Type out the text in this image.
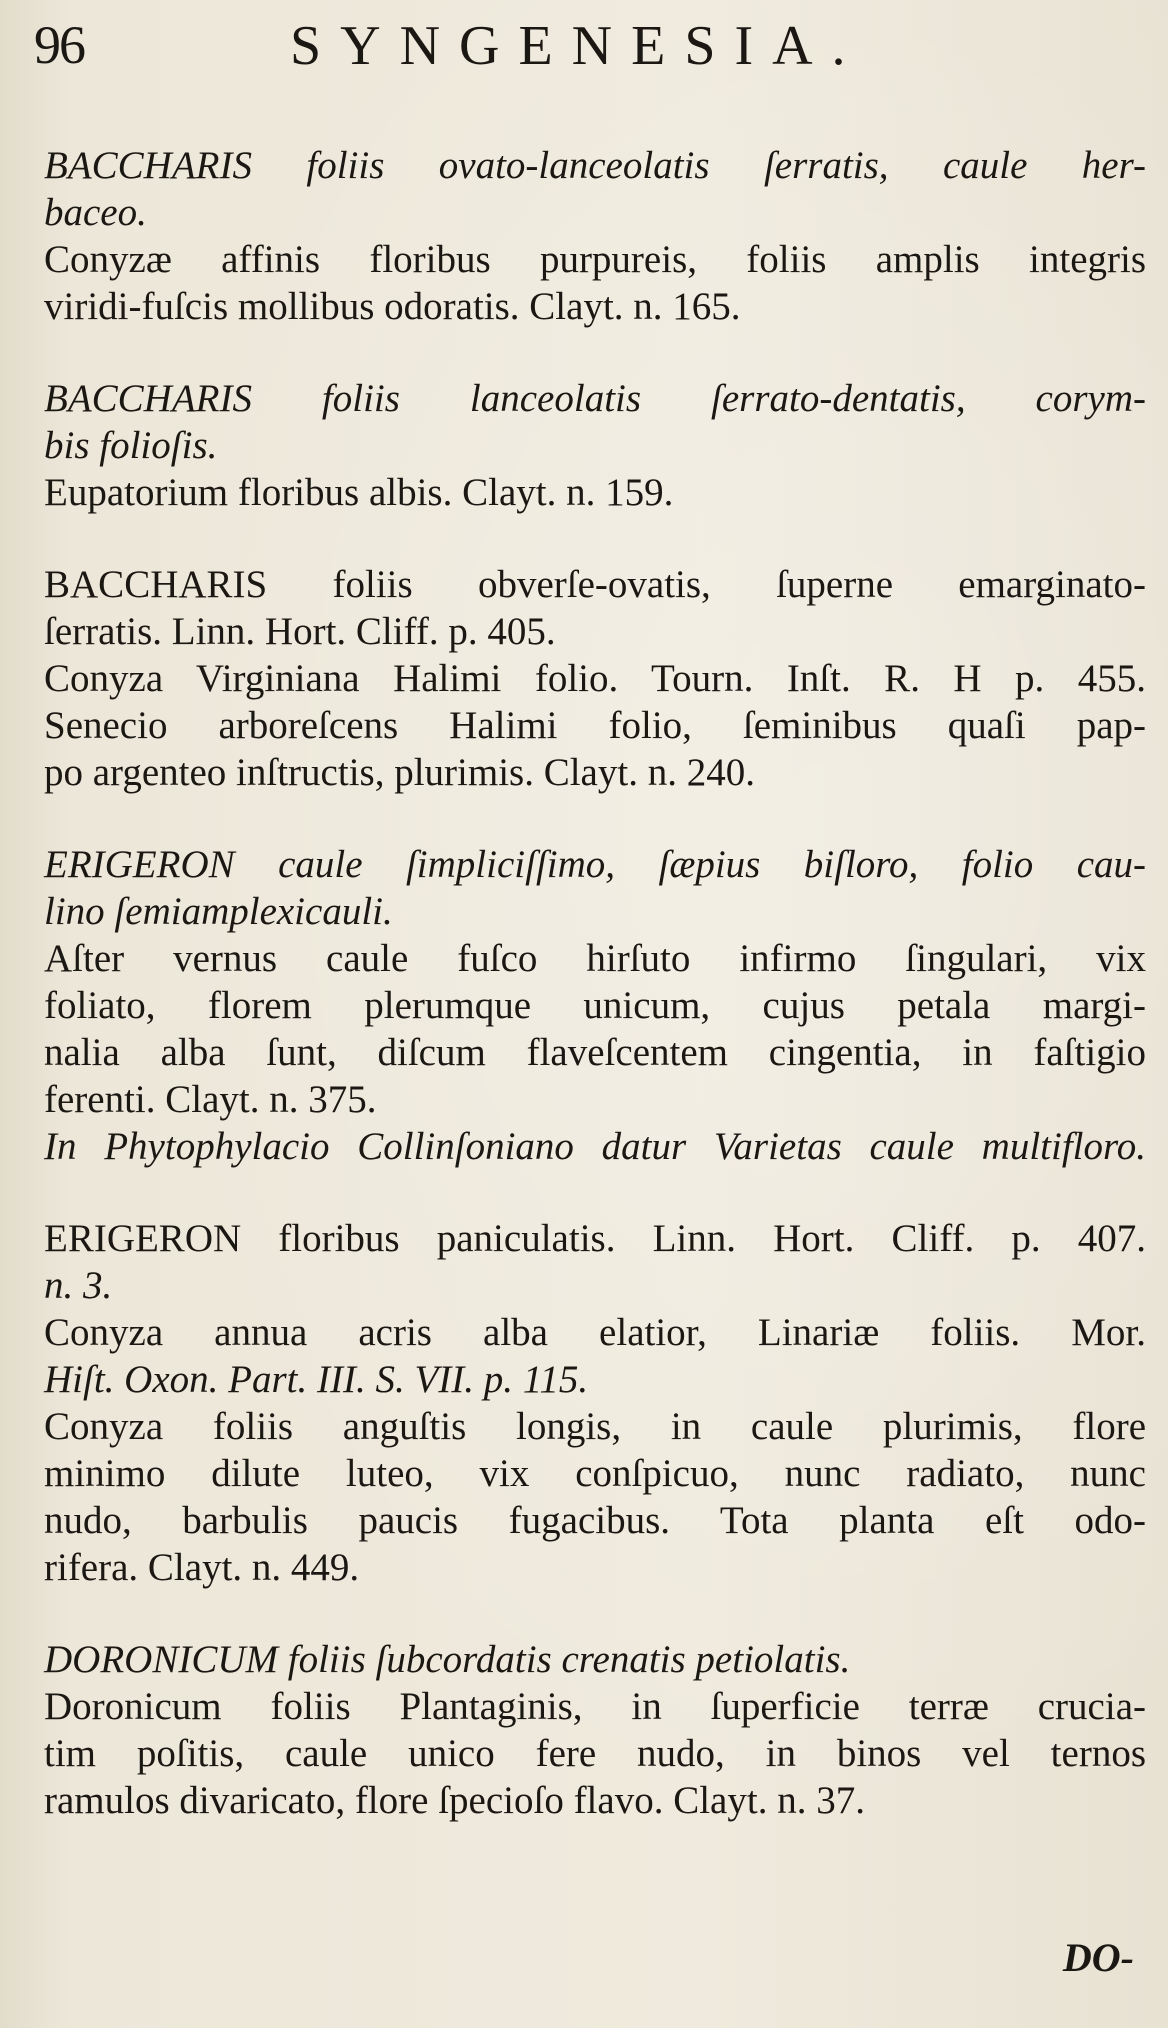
96	SYNGENESIA.
BACCHARIS foliis ovato-lanceolatis ſerratis, caule her-
baceo.
Conyzæ affinis floribus purpureis, foliis amplis integris
viridi-fuſcis mollibus odoratis. Clayt. n. 165.
BACCHARIS foliis lanceolatis ſerrato-dentatis, corym-
bis folioſis.
Eupatorium floribus albis. Clayt. n. 159.
BACCHARIS foliis obverſe-ovatis, ſuperne emarginato-
ſerratis. Linn. Hort. Cliff. p. 405.
Conyza Virginiana Halimi folio. Tourn. Inſt. R. H p. 455.
Senecio arboreſcens Halimi folio, ſeminibus quaſi pap-
po argenteo inſtructis, plurimis. Clayt. n. 240.
ERIGERON caule ſimpliciſſimo, ſæpius biſloro, folio cau-
lino ſemiamplexicauli.
Aſter vernus caule fuſco hirſuto infirmo ſingulari, vix
foliato, florem plerumque unicum, cujus petala margi-
nalia alba ſunt, diſcum flaveſcentem cingentia, in faſtigio
ferenti. Clayt. n. 375.
In Phytophylacio Collinſoniano datur Varietas caule multifloro.
ERIGERON floribus paniculatis. Linn. Hort. Cliff. p. 407.
n. 3.
Conyza annua acris alba elatior, Linariæ foliis. Mor.
Hiſt. Oxon. Part. III. S. VII. p. 115.
Conyza foliis anguſtis longis, in caule plurimis, flore
minimo dilute luteo, vix conſpicuo, nunc radiato, nunc
nudo, barbulis paucis fugacibus. Tota planta eſt odo-
rifera. Clayt. n. 449.
DORONICUM foliis ſubcordatis crenatis petiolatis.
Doronicum foliis Plantaginis, in ſuperficie terræ crucia-
tim poſitis, caule unico fere nudo, in binos vel ternos
ramulos divaricato, flore ſpecioſo flavo. Clayt. n. 37.
DO-
